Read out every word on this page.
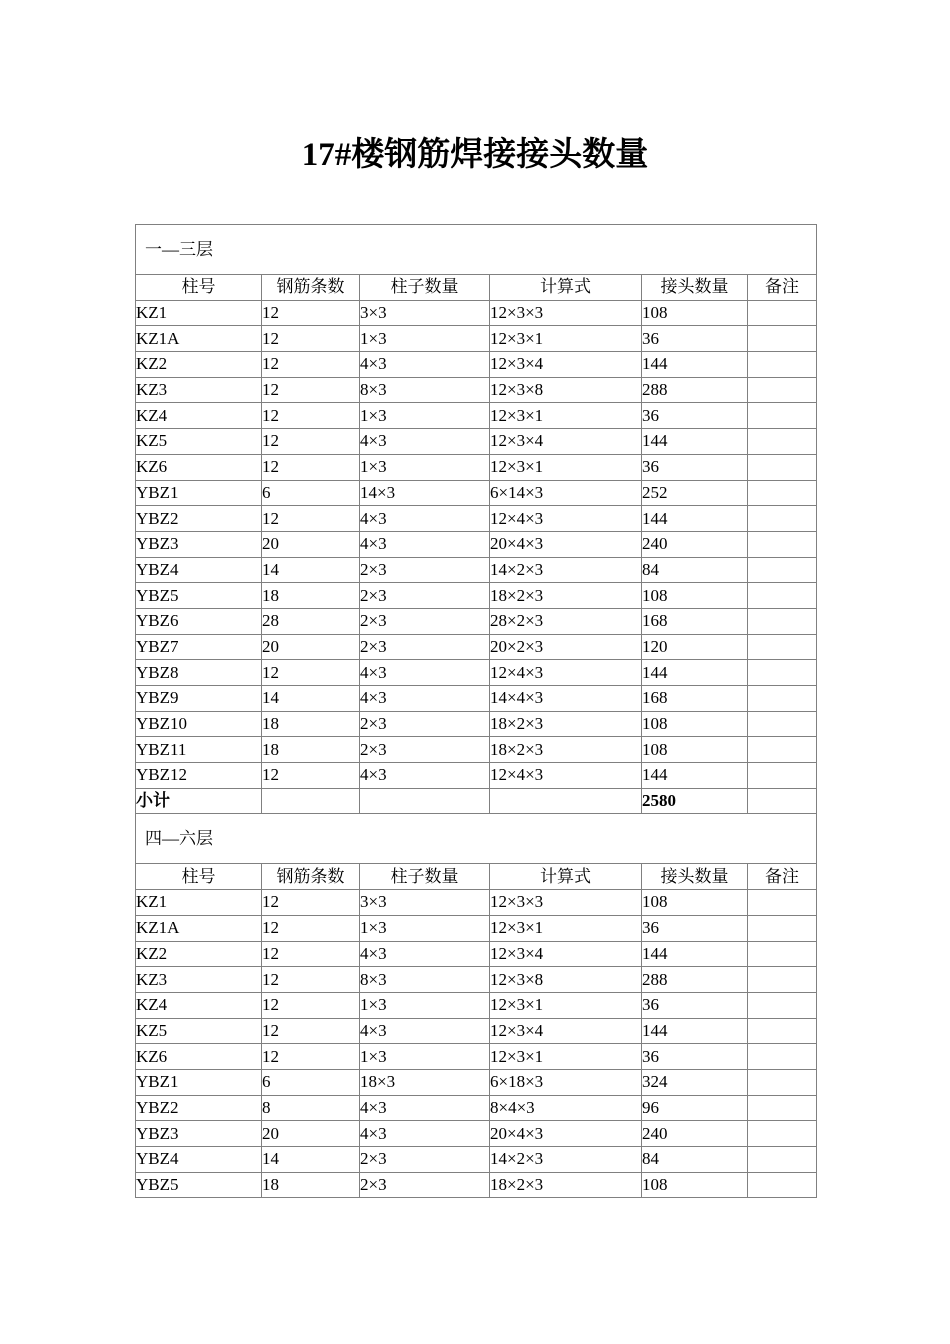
17#楼钢筋焊接接头数量
一—三层					
柱号	钢筋条数	柱子数量	计算式	接头数量	备注
KZ1	12	3×3	12×3×3	108	
KZ1A	12	1×3	12×3×1	36	
KZ2	12	4×3	12×3×4	144	
KZ3	12	8×3	12×3×8	288	
KZ4	12	1×3	12×3×1	36	
KZ5	12	4×3	12×3×4	144	
KZ6	12	1×3	12×3×1	36	
YBZ1	6	14×3	6×14×3	252	
YBZ2	12	4×3	12×4×3	144	
YBZ3	20	4×3	20×4×3	240	
YBZ4	14	2×3	14×2×3	84	
YBZ5	18	2×3	18×2×3	108	
YBZ6	28	2×3	28×2×3	168	
YBZ7	20	2×3	20×2×3	120	
YBZ8	12	4×3	12×4×3	144	
YBZ9	14	4×3	14×4×3	168	
YBZ10	18	2×3	18×2×3	108	
YBZ11	18	2×3	18×2×3	108	
YBZ12	12	4×3	12×4×3	144	
小计				2580	
四—六层					
柱号	钢筋条数	柱子数量	计算式	接头数量	备注
KZ1	12	3×3	12×3×3	108	
KZ1A	12	1×3	12×3×1	36	
KZ2	12	4×3	12×3×4	144	
KZ3	12	8×3	12×3×8	288	
KZ4	12	1×3	12×3×1	36	
KZ5	12	4×3	12×3×4	144	
KZ6	12	1×3	12×3×1	36	
YBZ1	6	18×3	6×18×3	324	
YBZ2	8	4×3	8×4×3	96	
YBZ3	20	4×3	20×4×3	240	
YBZ4	14	2×3	14×2×3	84	
YBZ5	18	2×3	18×2×3	108	
